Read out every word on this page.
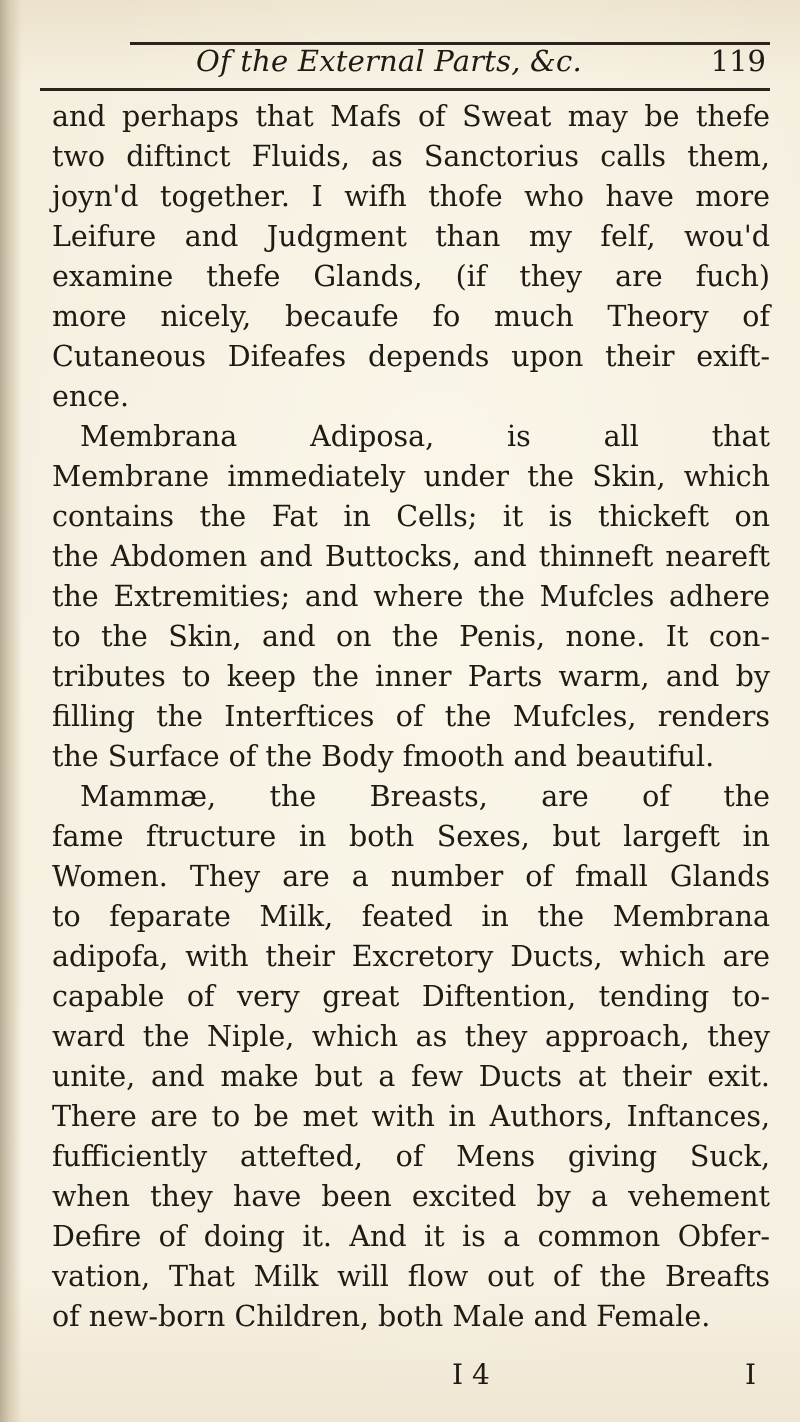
Of the External Parts, &c.	119
and perhaps that Mafs of Sweat may be thefe
two diftinct Fluids, as Sanctorius calls them,
joyn'd together. I wifh thofe who have more
Leifure and Judgment than my felf, wou'd
examine thefe Glands, (if they are fuch)
more nicely, becaufe fo much Theory of
Cutaneous Difeafes depends upon their exift-
ence.
Membrana Adiposa, is all that
Membrane immediately under the Skin, which
contains the Fat in Cells; it is thickeft on
the Abdomen and Buttocks, and thinneft neareft
the Extremities; and where the Mufcles adhere
to the Skin, and on the Penis, none. It con-
tributes to keep the inner Parts warm, and by
filling the Interftices of the Mufcles, renders
the Surface of the Body fmooth and beautiful.
Mammæ, the Breasts, are of the
fame ftructure in both Sexes, but largeft in
Women. They are a number of fmall Glands
to feparate Milk, feated in the Membrana
adipofa, with their Excretory Ducts, which are
capable of very great Diftention, tending to-
ward the Niple, which as they approach, they
unite, and make but a few Ducts at their exit.
There are to be met with in Authors, Inftances,
fufficiently attefted, of Mens giving Suck,
when they have been excited by a vehement
Defire of doing it. And it is a common Obfer-
vation, That Milk will flow out of the Breafts
of new-born Children, both Male and Female.
I 4	I
